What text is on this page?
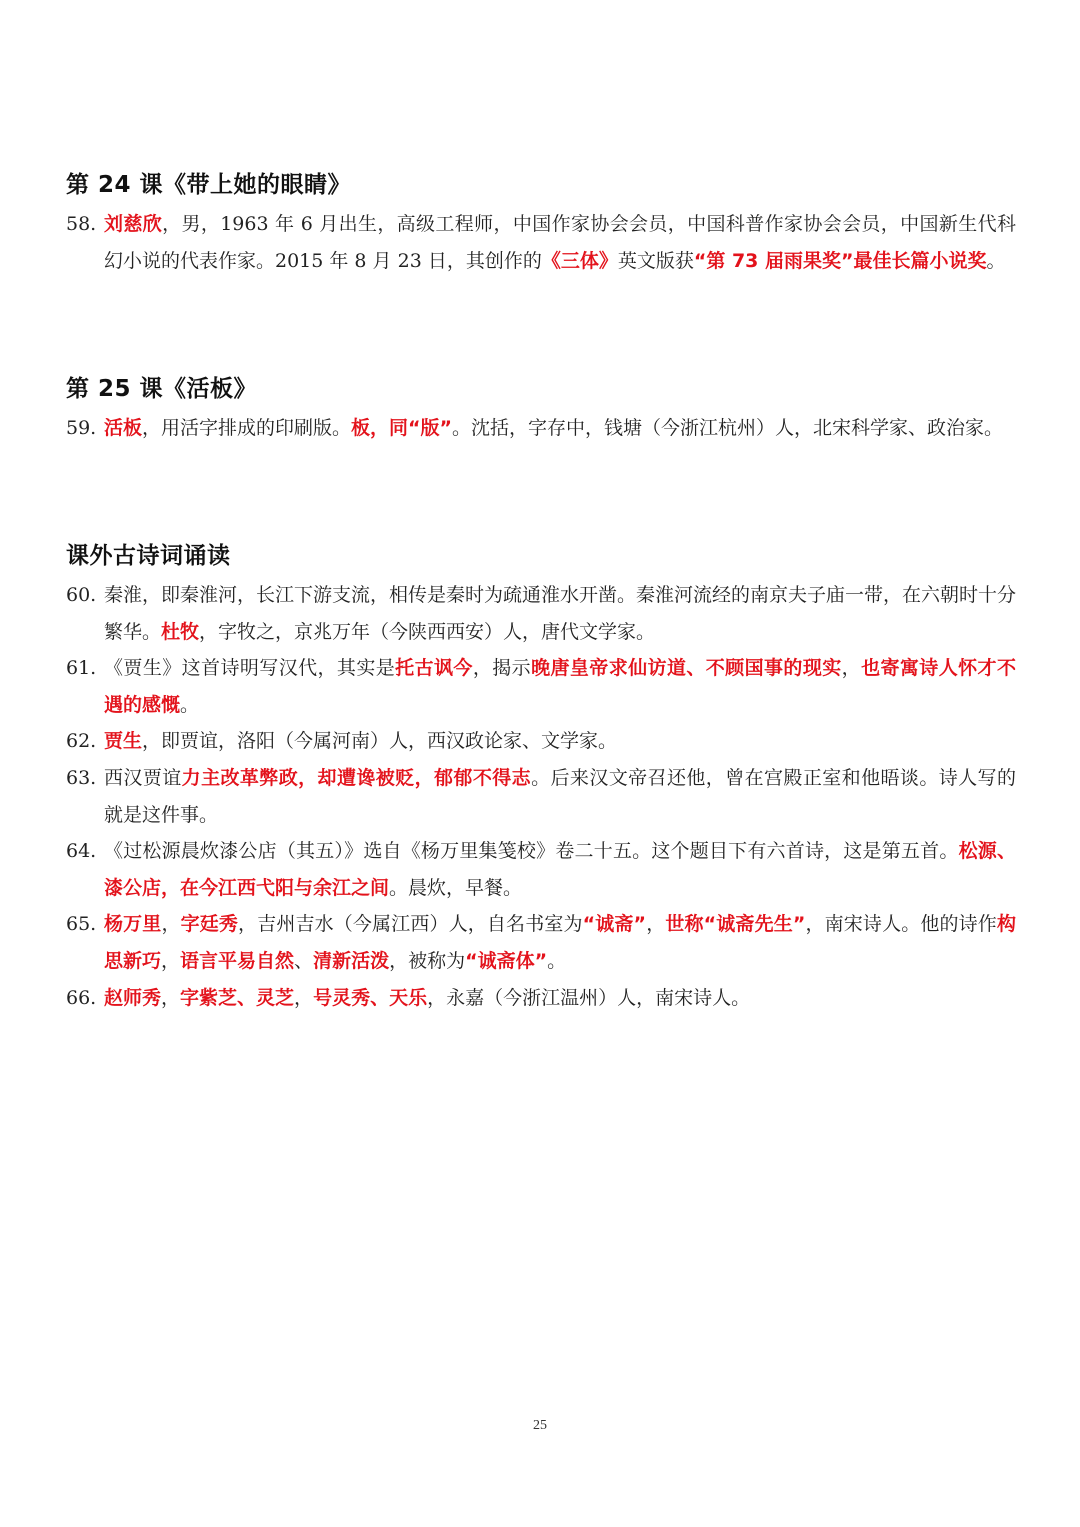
第 24 课《带上她的眼睛》
58. 刘慈欣，男，1963 年 6 月出生，高级工程师，中国作家协会会员，中国科普作家协会会员，中国新生代科幻小说的代表作家。2015 年 8 月 23 日，其创作的《三体》英文版获“第 73 届雨果奖”最佳长篇小说奖。
第 25 课《活板》
59. 活板，用活字排成的印刷版。板，同“版”。沈括，字存中，钱塘（今浙江杭州）人，北宋科学家、政治家。
课外古诗词诵读
60. 秦淮，即秦淮河，长江下游支流，相传是秦时为疏通淮水开凿。秦淮河流经的南京夫子庙一带，在六朝时十分繁华。杜牧，字牧之，京兆万年（今陕西西安）人，唐代文学家。
61. 《贾生》这首诗明写汉代，其实是托古讽今，揭示晚唐皇帝求仙访道、不顾国事的现实，也寄寓诗人怀才不遇的感慨。
62. 贾生，即贾谊，洛阳（今属河南）人，西汉政论家、文学家。
63. 西汉贾谊力主改革弊政，却遭谗被贬，郁郁不得志。后来汉文帝召还他，曾在宫殿正室和他晤谈。诗人写的就是这件事。
64. 《过松源晨炊漆公店（其五）》选自《杨万里集笺校》卷二十五。这个题目下有六首诗，这是第五首。松源、漆公店，在今江西弋阳与余江之间。晨炊，早餐。
65. 杨万里，字廷秀，吉州吉水（今属江西）人，自名书室为“诚斋”，世称“诚斋先生”，南宋诗人。他的诗作构思新巧，语言平易自然、清新活泼，被称为“诚斋体”。
66. 赵师秀，字紫芝、灵芝，号灵秀、天乐，永嘉（今浙江温州）人，南宋诗人。
25
